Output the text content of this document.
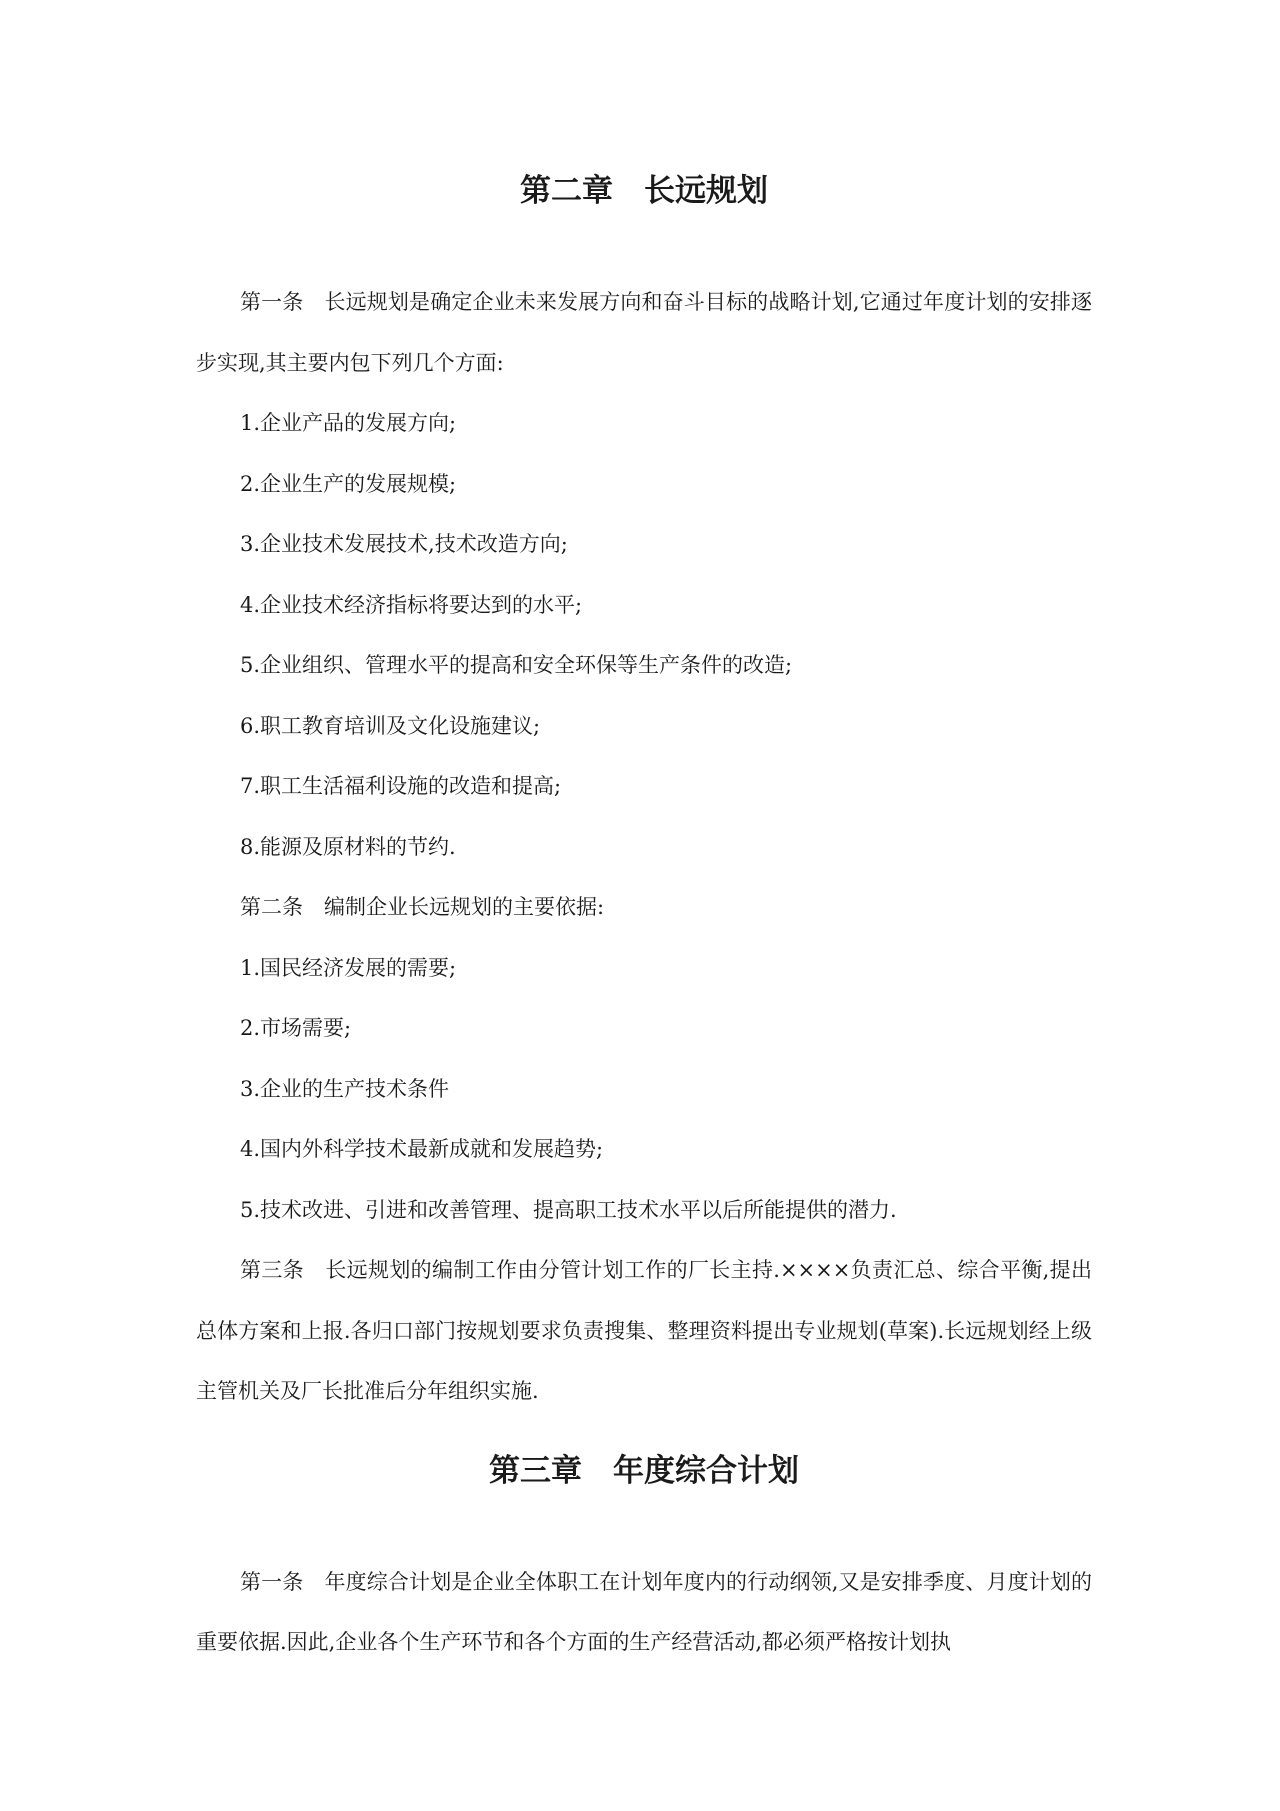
第二章　长远规划

第一条　长远规划是确定企业未来发展方向和奋斗目标的战略计划,它通过年度计划的安排逐步实现,其主要内包下列几个方面:

1.企业产品的发展方向;

2.企业生产的发展规模;

3.企业技术发展技术,技术改造方向;

4.企业技术经济指标将要达到的水平;

5.企业组织、管理水平的提高和安全环保等生产条件的改造;

6.职工教育培训及文化设施建议;

7.职工生活福利设施的改造和提高;

8.能源及原材料的节约.

第二条　编制企业长远规划的主要依据:

1.国民经济发展的需要;

2.市场需要;

3.企业的生产技术条件

4.国内外科学技术最新成就和发展趋势;

5.技术改进、引进和改善管理、提高职工技术水平以后所能提供的潜力.

第三条　长远规划的编制工作由分管计划工作的厂长主持.××××负责汇总、综合平衡,提出总体方案和上报.各归口部门按规划要求负责搜集、整理资料提出专业规划(草案).长远规划经上级主管机关及厂长批准后分年组织实施.

第三章　年度综合计划

第一条　年度综合计划是企业全体职工在计划年度内的行动纲领,又是安排季度、月度计划的重要依据.因此,企业各个生产环节和各个方面的生产经营活动,都必须严格按计划执
